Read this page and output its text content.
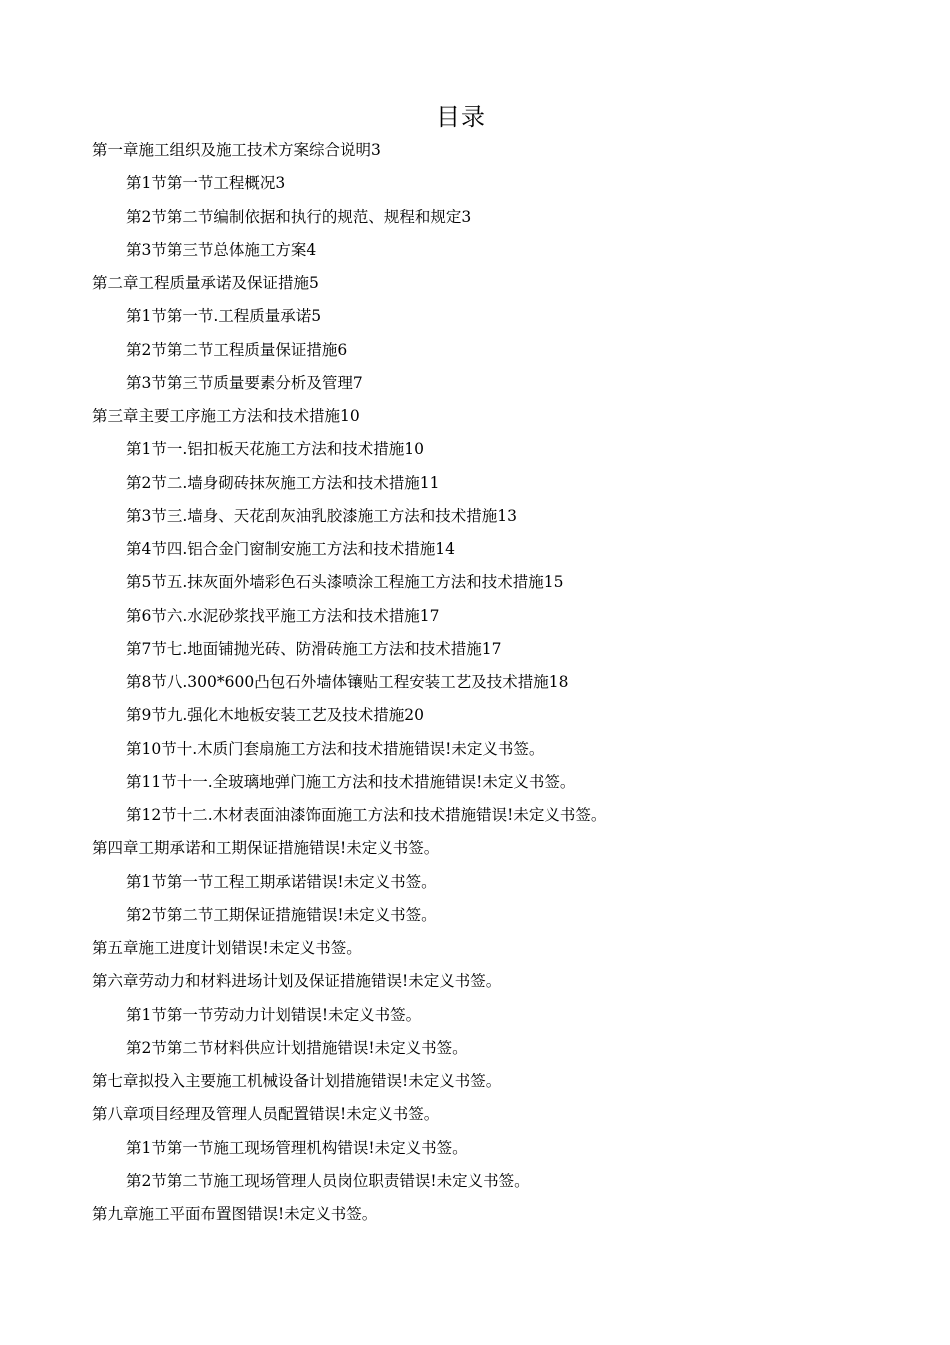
目录
第一章施工组织及施工技术方案综合说明3
第1节第一节工程概况3
第2节第二节编制依据和执行的规范、规程和规定3
第3节第三节总体施工方案4
第二章工程质量承诺及保证措施5
第1节第一节.工程质量承诺5
第2节第二节工程质量保证措施6
第3节第三节质量要素分析及管理7
第三章主要工序施工方法和技术措施10
第1节一.铝扣板天花施工方法和技术措施10
第2节二.墙身砌砖抹灰施工方法和技术措施11
第3节三.墙身、天花刮灰油乳胶漆施工方法和技术措施13
第4节四.铝合金门窗制安施工方法和技术措施14
第5节五.抹灰面外墙彩色石头漆喷涂工程施工方法和技术措施15
第6节六.水泥砂浆找平施工方法和技术措施17
第7节七.地面铺抛光砖、防滑砖施工方法和技术措施17
第8节八.300*600凸包石外墙体镶贴工程安装工艺及技术措施18
第9节九.强化木地板安装工艺及技术措施20
第10节十.木质门套扇施工方法和技术措施错误!未定义书签。
第11节十一.全玻璃地弹门施工方法和技术措施错误!未定义书签。
第12节十二.木材表面油漆饰面施工方法和技术措施错误!未定义书签。
第四章工期承诺和工期保证措施错误!未定义书签。
第1节第一节工程工期承诺错误!未定义书签。
第2节第二节工期保证措施错误!未定义书签。
第五章施工进度计划错误!未定义书签。
第六章劳动力和材料进场计划及保证措施错误!未定义书签。
第1节第一节劳动力计划错误!未定义书签。
第2节第二节材料供应计划措施错误!未定义书签。
第七章拟投入主要施工机械设备计划措施错误!未定义书签。
第八章项目经理及管理人员配置错误!未定义书签。
第1节第一节施工现场管理机构错误!未定义书签。
第2节第二节施工现场管理人员岗位职责错误!未定义书签。
第九章施工平面布置图错误!未定义书签。
